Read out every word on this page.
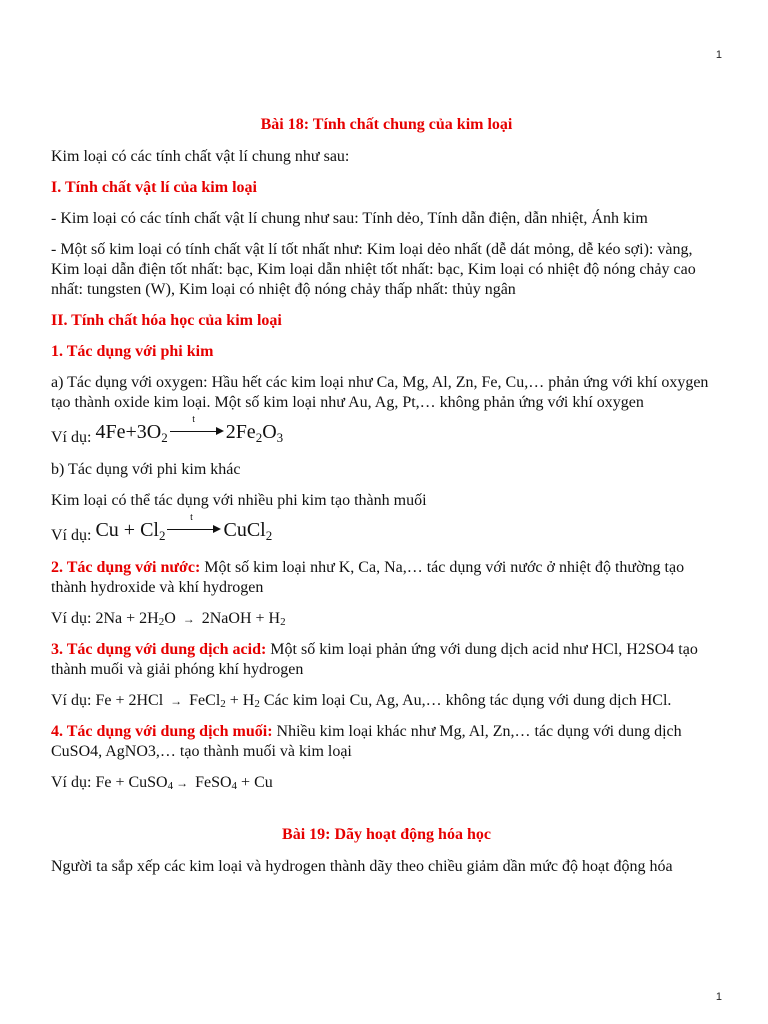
1

Bài 18: Tính chất chung của kim loại

Kim loại có các tính chất vật lí chung như sau:

I. Tính chất vật lí của kim loại

- Kim loại có các tính chất vật lí chung như sau: Tính dẻo, Tính dẫn điện, dẫn nhiệt, Ánh kim

- Một số kim loại có tính chất vật lí tốt nhất như: Kim loại dẻo nhất (dễ dát mỏng, dễ kéo sợi): vàng, Kim loại dẫn điện tốt nhất: bạc, Kim loại dẫn nhiệt tốt nhất: bạc, Kim loại có nhiệt độ nóng chảy cao nhất: tungsten (W), Kim loại có nhiệt độ nóng chảy thấp nhất: thủy ngân

II. Tính chất hóa học của kim loại

1. Tác dụng với phi kim

a) Tác dụng với oxygen: Hầu hết các kim loại như Ca, Mg, Al, Zn, Fe, Cu,… phản ứng với khí oxygen tạo thành oxide kim loại. Một số kim loại như Au, Ag, Pt,… không phản ứng với khí oxygen

Ví dụ: $4Fe+3O_2$
t
$2Fe_2O_3$

b) Tác dụng với phi kim khác

Kim loại có thể tác dụng với nhiều phi kim tạo thành muối

Ví dụ: $Cu + Cl_2$
t
CuCl$_2$

2. Tác dụng với nước: Một số kim loại như K, Ca, Na,… tác dụng với nước ở nhiệt độ thường tạo thành hydroxide và khí hydrogen

Ví dụ: 2Na + 2H2O → 2NaOH + H2

3. Tác dụng với dung dịch acid: Một số kim loại phản ứng với dung dịch acid như HCl, H2SO4 tạo thành muối và giải phóng khí hydrogen

Ví dụ: Fe + 2HCl → FeCl2 + H2 Các kim loại Cu, Ag, Au,… không tác dụng với dung dịch HCl.

4. Tác dụng với dung dịch muối: Nhiều kim loại khác như Mg, Al, Zn,… tác dụng với dung dịch CuSO4, AgNO3,… tạo thành muối và kim loại

Ví dụ: Fe + CuSO4 → FeSO4 + Cu

Bài 19: Dãy hoạt động hóa học

Người ta sắp xếp các kim loại và hydrogen thành dãy theo chiều giảm dần mức độ hoạt động hóa

1
